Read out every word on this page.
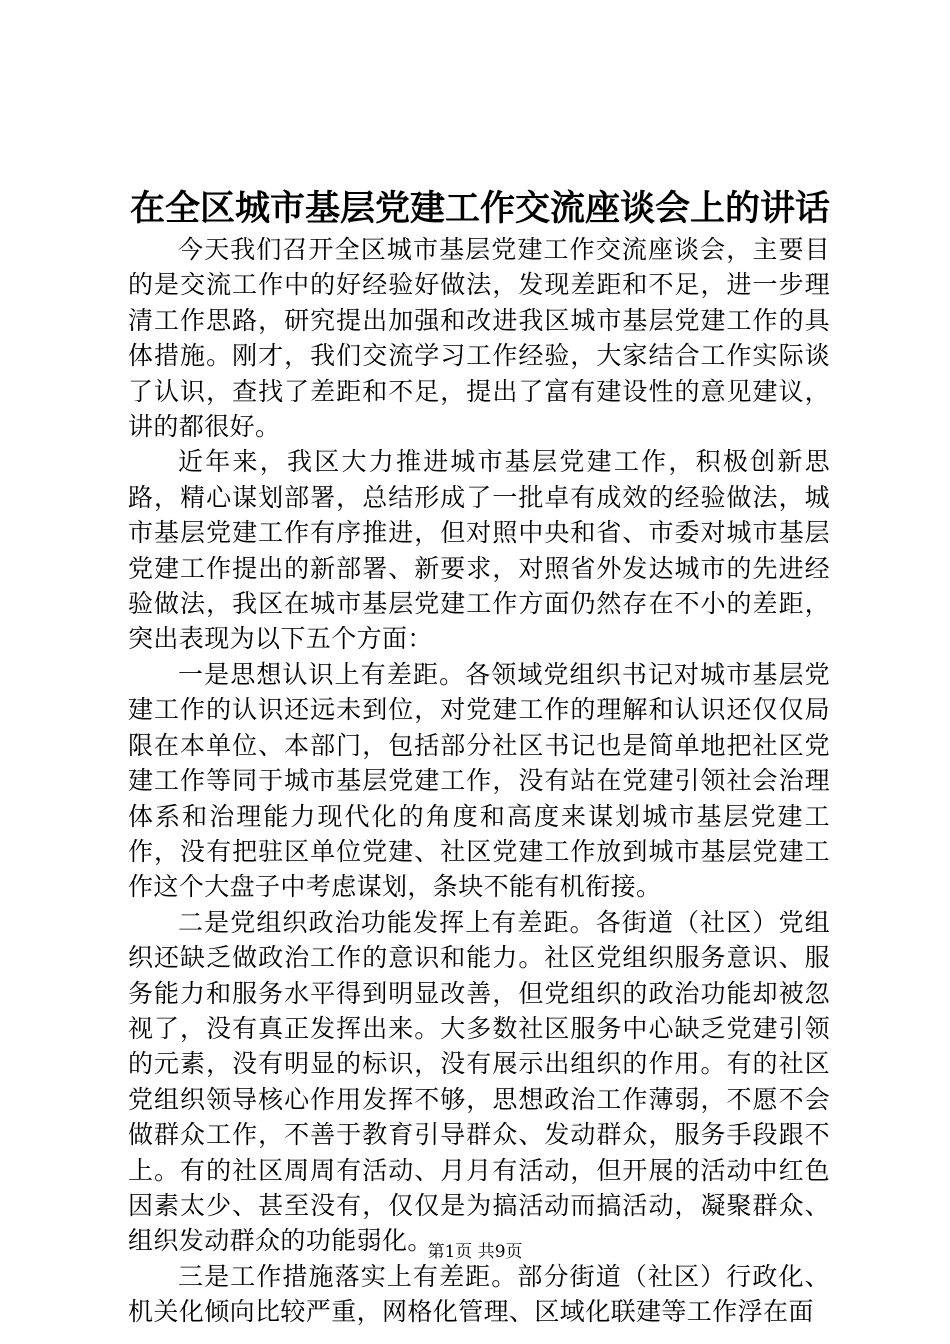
在全区城市基层党建工作交流座谈会上的讲话

今天我们召开全区城市基层党建工作交流座谈会，主要目的是交流工作中的好经验好做法，发现差距和不足，进一步理清工作思路，研究提出加强和改进我区城市基层党建工作的具体措施。刚才，我们交流学习工作经验，大家结合工作实际谈了认识，查找了差距和不足，提出了富有建设性的意见建议，讲的都很好。

近年来，我区大力推进城市基层党建工作，积极创新思路，精心谋划部署，总结形成了一批卓有成效的经验做法，城市基层党建工作有序推进，但对照中央和省、市委对城市基层党建工作提出的新部署、新要求，对照省外发达城市的先进经验做法，我区在城市基层党建工作方面仍然存在不小的差距，突出表现为以下五个方面：

一是思想认识上有差距。各领域党组织书记对城市基层党建工作的认识还远未到位，对党建工作的理解和认识还仅仅局限在本单位、本部门，包括部分社区书记也是简单地把社区党建工作等同于城市基层党建工作，没有站在党建引领社会治理体系和治理能力现代化的角度和高度来谋划城市基层党建工作，没有把驻区单位党建、社区党建工作放到城市基层党建工作这个大盘子中考虑谋划，条块不能有机衔接。

二是党组织政治功能发挥上有差距。各街道（社区）党组织还缺乏做政治工作的意识和能力。社区党组织服务意识、服务能力和服务水平得到明显改善，但党组织的政治功能却被忽视了，没有真正发挥出来。大多数社区服务中心缺乏党建引领的元素，没有明显的标识，没有展示出组织的作用。有的社区党组织领导核心作用发挥不够，思想政治工作薄弱，不愿不会做群众工作，不善于教育引导群众、发动群众，服务手段跟不上。有的社区周周有活动、月月有活动，但开展的活动中红色因素太少、甚至没有，仅仅是为搞活动而搞活动，凝聚群众、组织发动群众的功能弱化。

三是工作措施落实上有差距。部分街道（社区）行政化、机关化倾向比较严重，网格化管理、区域化联建等工作浮在面

第1页 共9页
